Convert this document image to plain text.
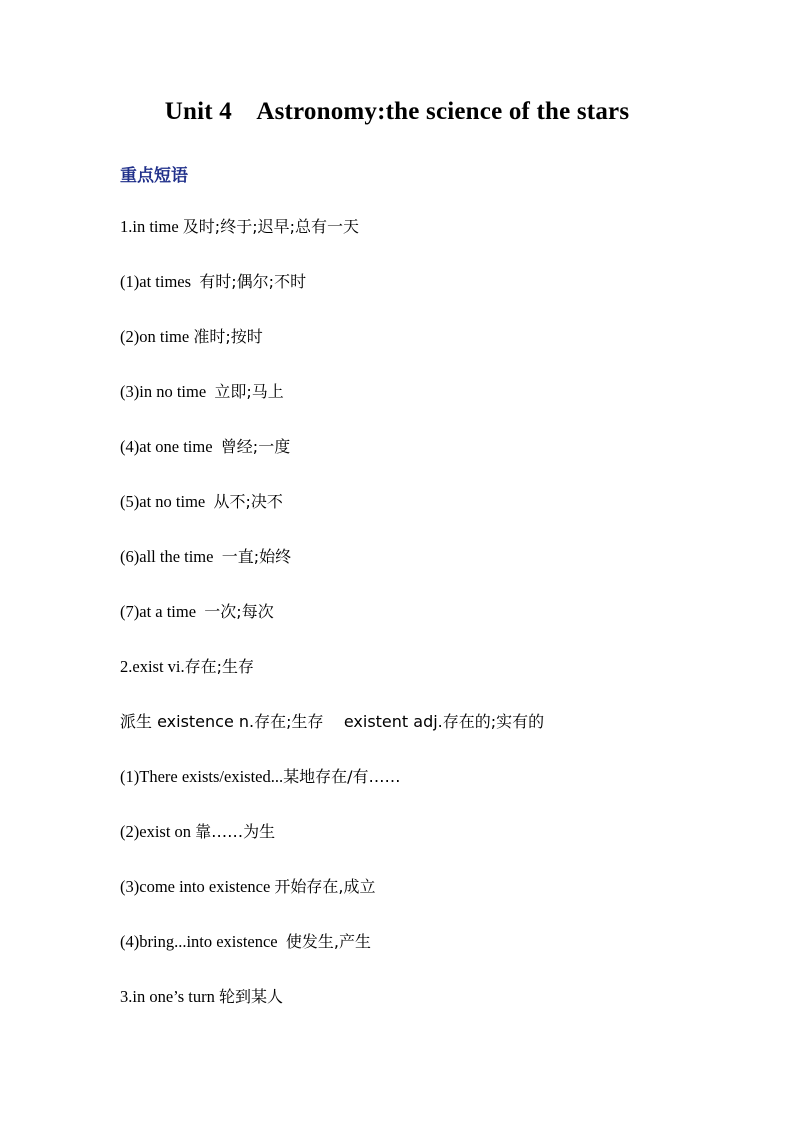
Unit 4    Astronomy:the science of the stars
重点短语
1.in time 及时;终于;迟早;总有一天
(1)at times  有时;偶尔;不时
(2)on time 准时;按时
(3)in no time  立即;马上
(4)at one time  曾经;一度
(5)at no time  从不;决不
(6)all the time  一直;始终
(7)at a time  一次;每次
2.exist vi.存在;生存
派生 existence n.存在;生存    existent adj.存在的;实有的
(1)There exists/existed...某地存在/有……
(2)exist on 靠……为生
(3)come into existence 开始存在,成立
(4)bring...into existence  使发生,产生
3.in one’s turn 轮到某人
